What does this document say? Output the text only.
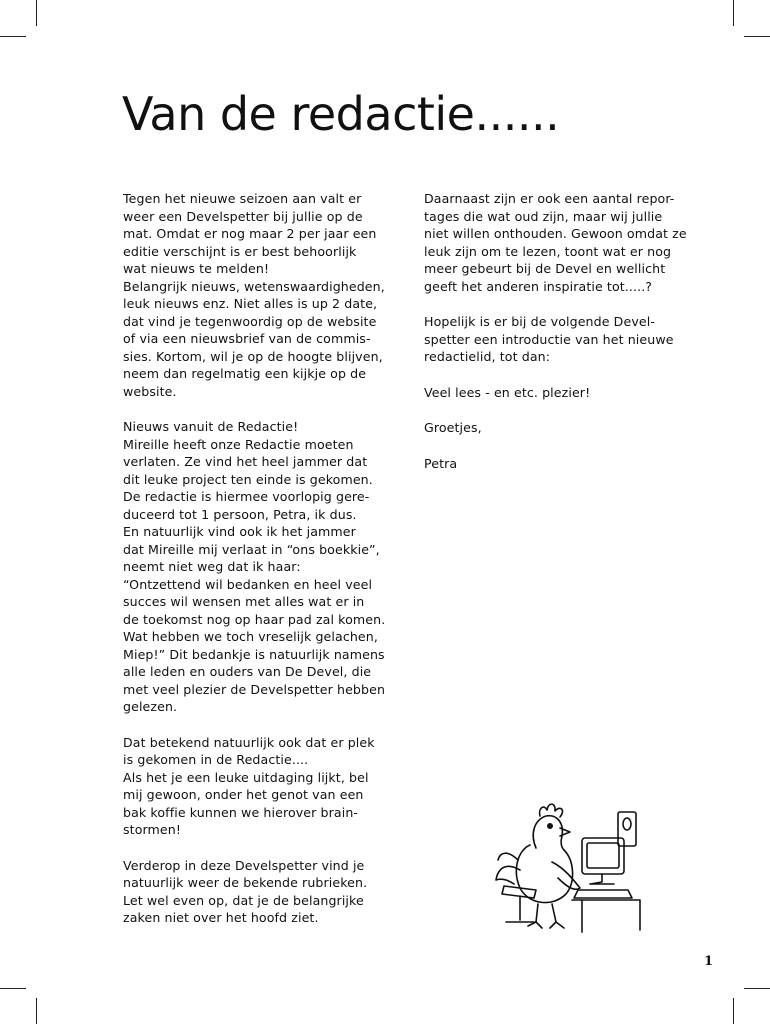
Van de redactie......

Tegen het nieuwe seizoen aan valt er
weer een Develspetter bij jullie op de
mat. Omdat er nog maar 2 per jaar een
editie verschijnt is er best behoorlijk
wat nieuws te melden!
Belangrijk nieuws, wetenswaardigheden,
leuk nieuws enz. Niet alles is up 2 date,
dat vind je tegenwoordig op de website
of via een nieuwsbrief van de commis-
sies. Kortom, wil je op de hoogte blijven,
neem dan regelmatig een kijkje op de
website.

Nieuws vanuit de Redactie!
Mireille heeft onze Redactie moeten
verlaten. Ze vind het heel jammer dat
dit leuke project ten einde is gekomen.
De redactie is hiermee voorlopig gere-
duceerd tot 1 persoon, Petra, ik dus.
En natuurlijk vind ook ik het jammer
dat Mireille mij verlaat in “ons boekkie”,
neemt niet weg dat ik haar:
“Ontzettend wil bedanken en heel veel
succes wil wensen met alles wat er in
de toekomst nog op haar pad zal komen.
Wat hebben we toch vreselijk gelachen,
Miep!” Dit bedankje is natuurlijk namens
alle leden en ouders van De Devel, die
met veel plezier de Develspetter hebben
gelezen.

Dat betekend natuurlijk ook dat er plek
is gekomen in de Redactie....
Als het je een leuke uitdaging lijkt, bel
mij gewoon, onder het genot van een
bak koffie kunnen we hierover brain-
stormen!

Verderop in deze Develspetter vind je
natuurlijk weer de bekende rubrieken.
Let wel even op, dat je de belangrijke
zaken niet over het hoofd ziet.

Daarnaast zijn er ook een aantal repor-
tages die wat oud zijn, maar wij jullie
niet willen onthouden. Gewoon omdat ze
leuk zijn om te lezen, toont wat er nog
meer gebeurt bij de Devel en wellicht
geeft het anderen inspiratie tot.....?

Hopelijk is er bij de volgende Devel-
spetter een introductie van het nieuwe
redactielid, tot dan:

Veel lees - en etc. plezier!

Groetjes,

Petra

1
